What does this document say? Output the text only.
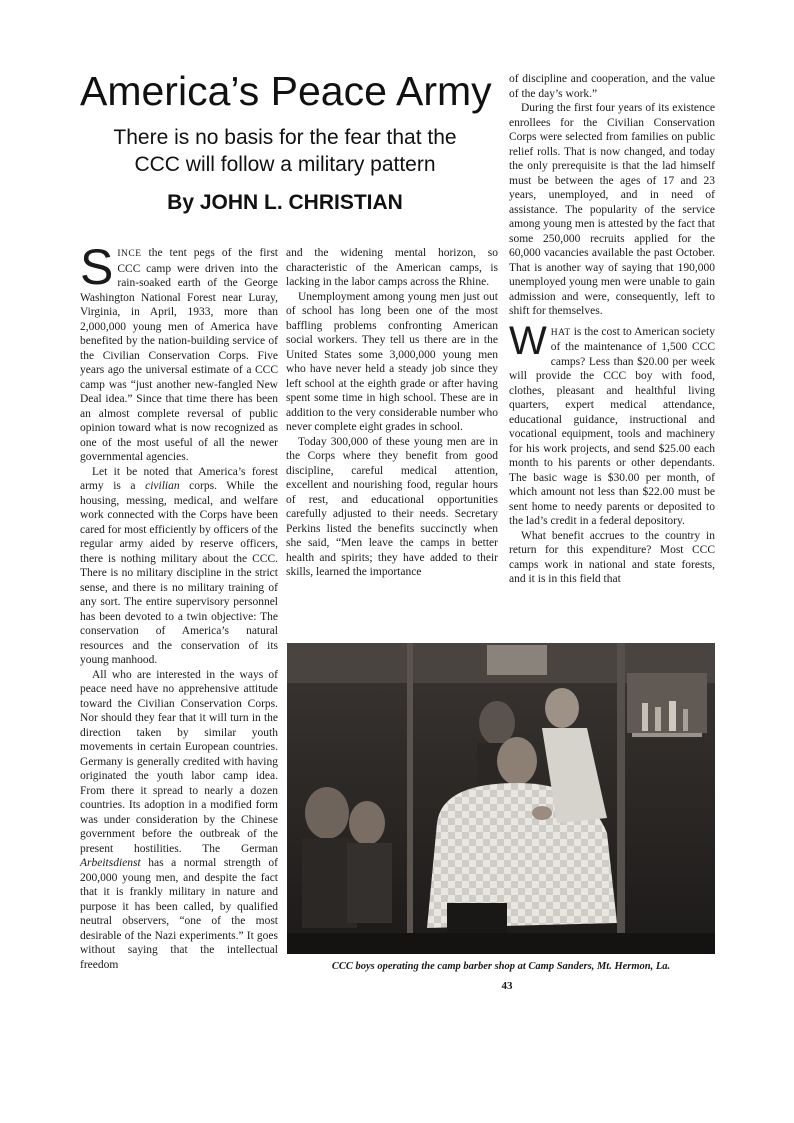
America’s Peace Army
There is no basis for the fear that the
CCC will follow a military pattern
By JOHN L. CHRISTIAN

SINCE the tent pegs of the first CCC camp were driven into the rain-soaked earth of the George Washington National Forest near Luray, Virginia, in April, 1933, more than 2,000,000 young men of America have benefited by the nation-building service of the Civilian Conservation Corps. Five years ago the universal estimate of a CCC camp was “just another new-fangled New Deal idea.” Since that time there has been an almost complete reversal of public opinion toward what is now recognized as one of the most useful of all the newer governmental agencies.

Let it be noted that America’s forest army is a civilian corps. While the housing, messing, medical, and welfare work connected with the Corps have been cared for most efficiently by officers of the regular army aided by reserve officers, there is nothing military about the CCC. There is no military discipline in the strict sense, and there is no military training of any sort. The entire supervisory personnel has been devoted to a twin objective: The conservation of America’s natural resources and the conservation of its young manhood.

All who are interested in the ways of peace need have no apprehensive attitude toward the Civilian Conservation Corps. Nor should they fear that it will turn in the direction taken by similar youth movements in certain European countries. Germany is generally credited with having originated the youth labor camp idea. From there it spread to nearly a dozen countries. Its adoption in a modified form was under consideration by the Chinese government before the outbreak of the present hostilities. The German Arbeitsdienst has a normal strength of 200,000 young men, and despite the fact that it is frankly military in nature and purpose it has been called, by qualified neutral observers, “one of the most desirable of the Nazi experiments.” It goes without saying that the intellectual freedom

and the widening mental horizon, so characteristic of the American camps, is lacking in the labor camps across the Rhine.

Unemployment among young men just out of school has long been one of the most baffling problems confronting American social workers. They tell us there are in the United States some 3,000,000 young men who have never held a steady job since they left school at the eighth grade or after having spent some time in high school. These are in addition to the very considerable number who never complete eight grades in school.

Today 300,000 of these young men are in the Corps where they benefit from good discipline, careful medical attention, excellent and nourishing food, regular hours of rest, and educational opportunities carefully adjusted to their needs. Secretary Perkins listed the benefits succinctly when she said, “Men leave the camps in better health and spirits; they have added to their skills, learned the importance

of discipline and cooperation, and the value of the day’s work.”

During the first four years of its existence enrollees for the Civilian Conservation Corps were selected from families on public relief rolls. That is now changed, and today the only prerequisite is that the lad himself must be between the ages of 17 and 23 years, unemployed, and in need of assistance. The popularity of the service among young men is attested by the fact that some 250,000 recruits applied for the 60,000 vacancies available the past October. That is another way of saying that 190,000 unemployed young men were unable to gain admission and were, consequently, left to shift for themselves.

WHAT is the cost to American society of the maintenance of 1,500 CCC camps? Less than $20.00 per week will provide the CCC boy with food, clothes, pleasant and healthful living quarters, expert medical attendance, educational guidance, instructional and vocational equipment, tools and machinery for his work projects, and send $25.00 each month to his parents or other dependants. The basic wage is $30.00 per month, of which amount not less than $22.00 must be sent home to needy parents or deposited to the lad’s credit in a federal depository.

What benefit accrues to the country in return for this expenditure? Most CCC camps work in national and state forests, and it is in this field that

CCC boys operating the camp barber shop at Camp Sanders, Mt. Hermon, La.
43
